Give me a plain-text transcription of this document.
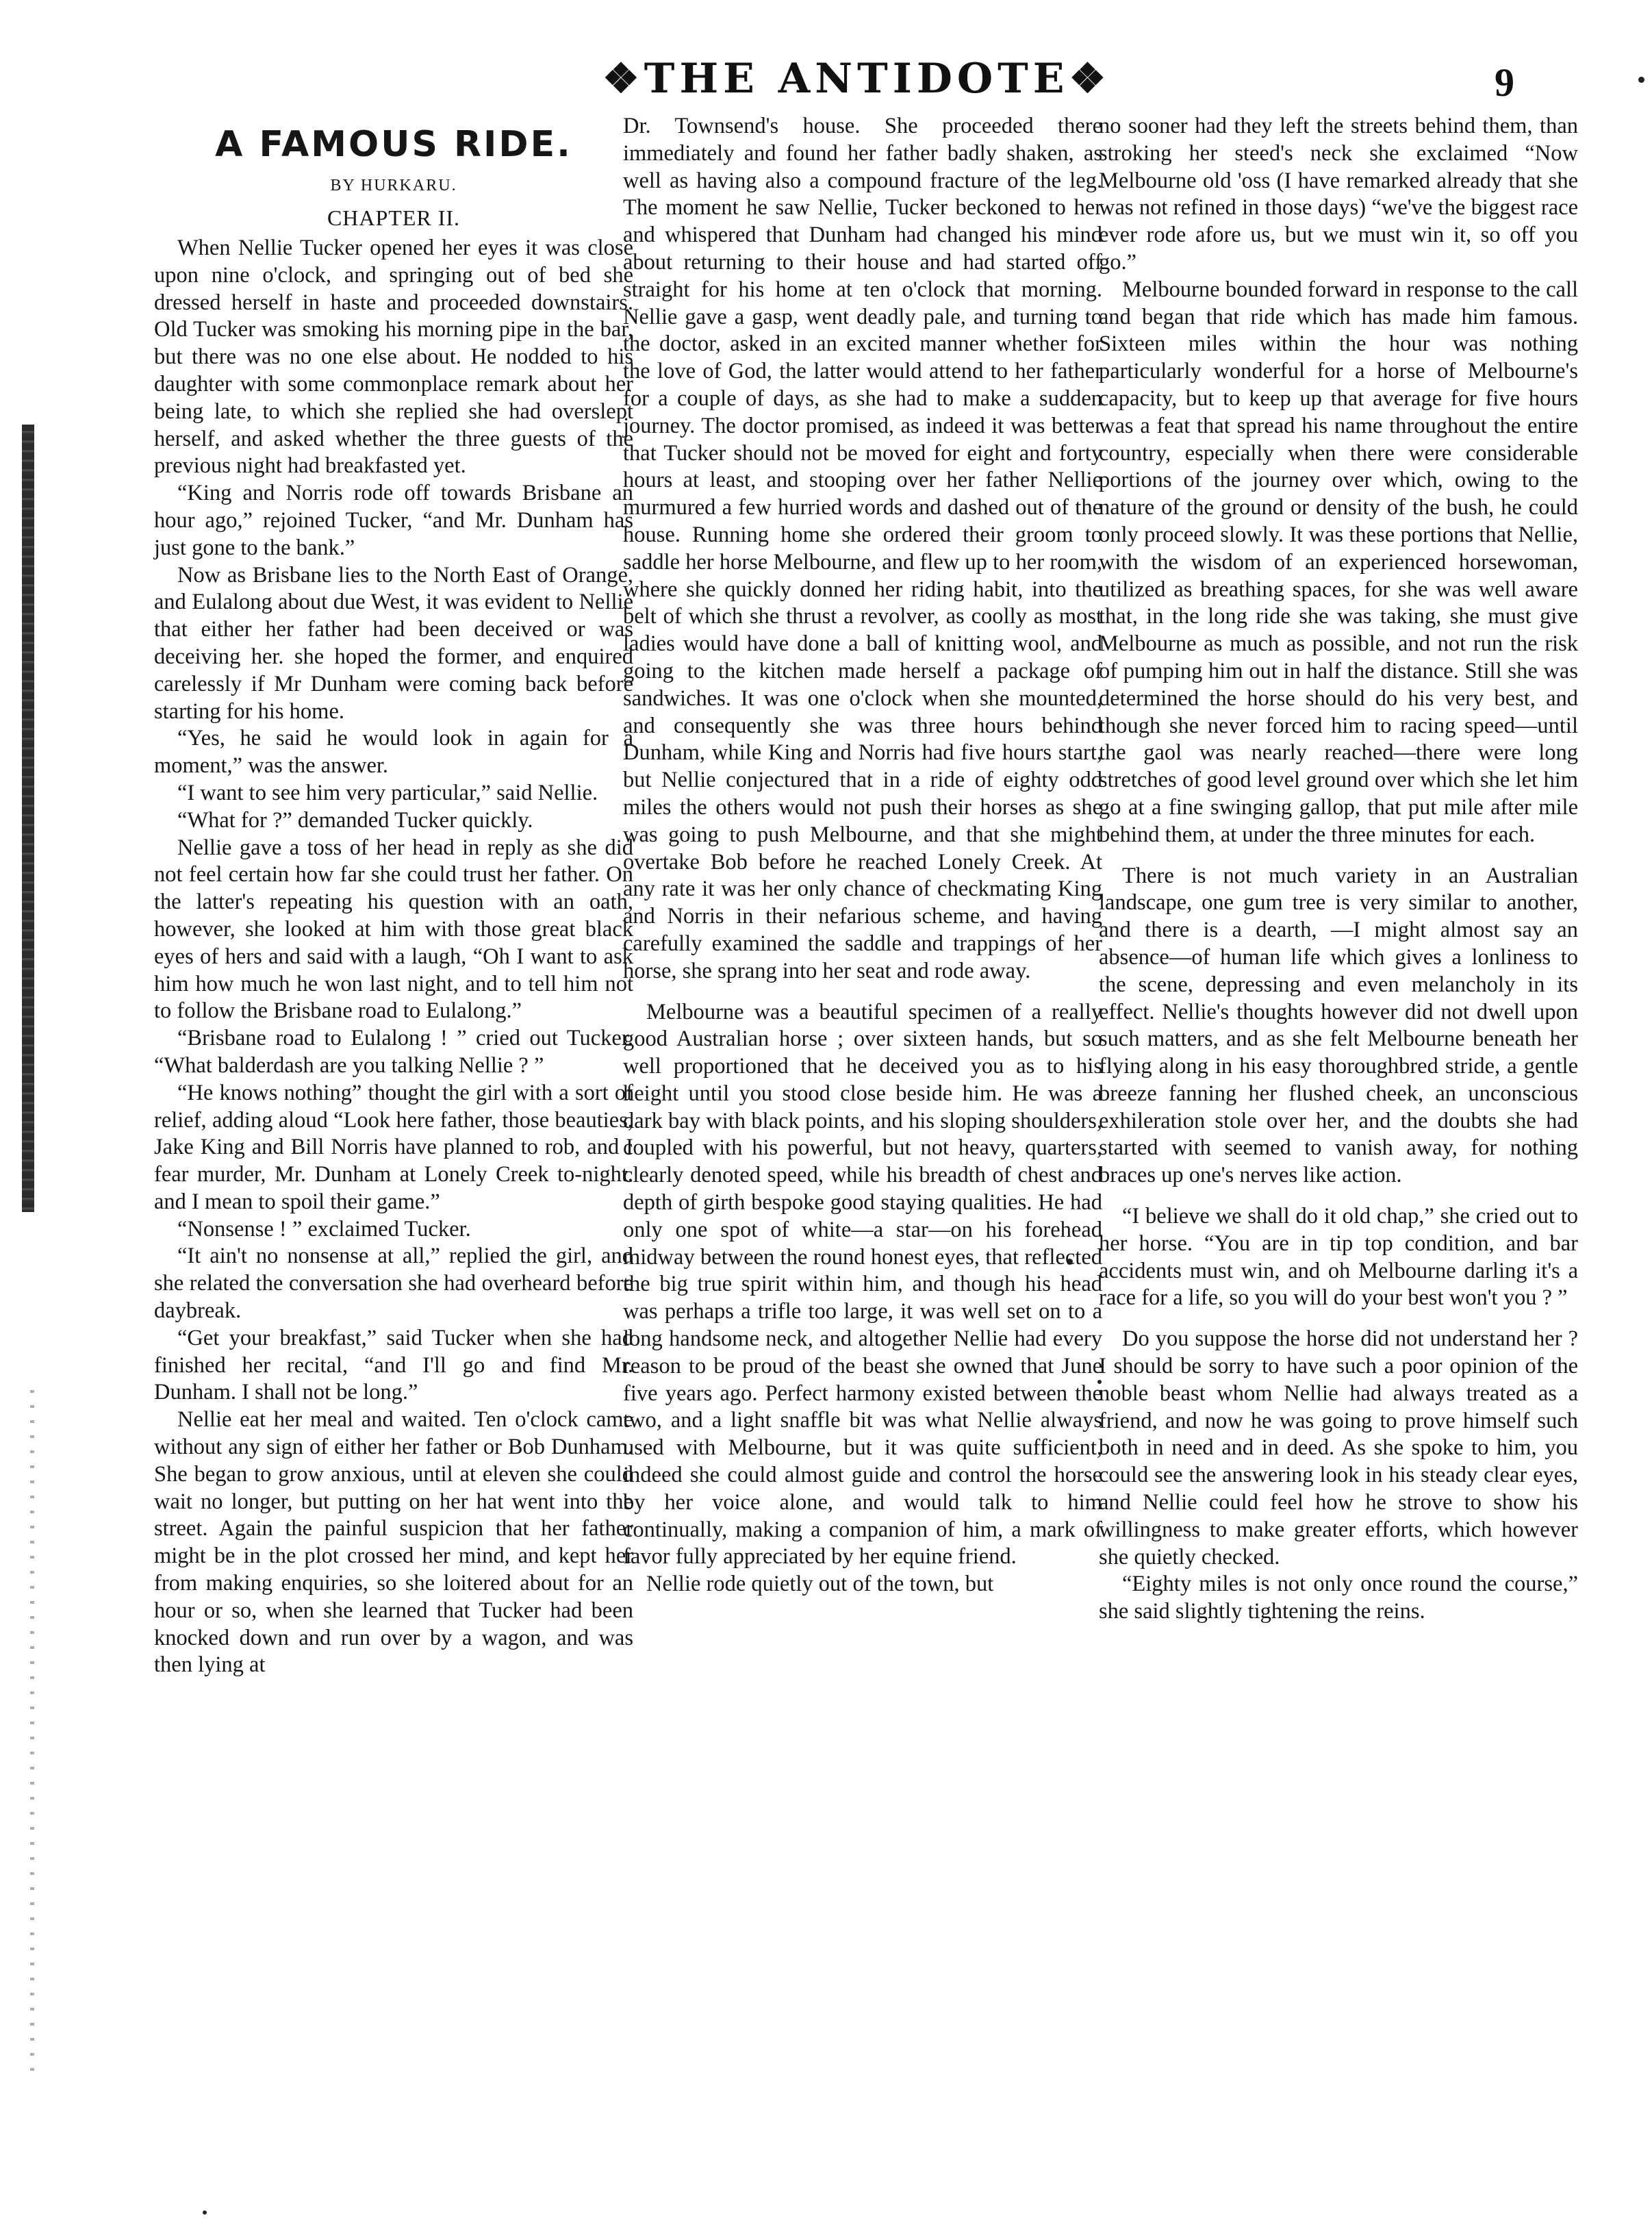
❖THE ANTIDOTE❖	9
A FAMOUS RIDE.
BY HURKARU.
CHAPTER II.

When Nellie Tucker opened her eyes it was close upon nine o'clock, and springing out of bed she dressed herself in haste and proceeded downstairs. Old Tucker was smoking his morning pipe in the bar, but there was no one else about. He nodded to his daughter with some commonplace remark about her being late, to which she replied she had overslept herself, and asked whether the three guests of the previous night had breakfasted yet.

“King and Norris rode off towards Brisbane an hour ago,” rejoined Tucker, “and Mr. Dunham has just gone to the bank.”

Now as Brisbane lies to the North East of Orange, and Eulalong about due West, it was evident to Nellie that either her father had been deceived or was deceiving her. she hoped the former, and enquired carelessly if Mr Dunham were coming back before starting for his home.

“Yes, he said he would look in again for a moment,” was the answer.

“I want to see him very particular,” said Nellie.

“What for ?” demanded Tucker quickly.

Nellie gave a toss of her head in reply as she did not feel certain how far she could trust her father. On the latter's repeating his question with an oath, however, she looked at him with those great black eyes of hers and said with a laugh, “Oh I want to ask him how much he won last night, and to tell him not to follow the Brisbane road to Eulalong.”

“Brisbane road to Eulalong ! ” cried out Tucker. “What balderdash are you talking Nellie ? ”

“He knows nothing” thought the girl with a sort of relief, adding aloud “Look here father, those beauties, Jake King and Bill Norris have planned to rob, and I fear murder, Mr. Dunham at Lonely Creek to-night. and I mean to spoil their game.”

“Nonsense ! ” exclaimed Tucker.

“It ain't no nonsense at all,” replied the girl, and she related the conversation she had overheard before daybreak.

“Get your breakfast,” said Tucker when she had finished her recital, “and I'll go and find Mr. Dunham. I shall not be long.”

Nellie eat her meal and waited. Ten o'clock came without any sign of either her father or Bob Dunham. She began to grow anxious, until at eleven she could wait no longer, but putting on her hat went into the street. Again the painful suspicion that her father might be in the plot crossed her mind, and kept her from making enquiries, so she loitered about for an hour or so, when she learned that Tucker had been knocked down and run over by a wagon, and was then lying at

Dr. Townsend's house. She proceeded there immediately and found her father badly shaken, as well as having also a compound fracture of the leg. The moment he saw Nellie, Tucker beckoned to her and whispered that Dunham had changed his mind about returning to their house and had started off straight for his home at ten o'clock that morning. Nellie gave a gasp, went deadly pale, and turning to the doctor, asked in an excited manner whether for the love of God, the latter would attend to her father for a couple of days, as she had to make a sudden journey. The doctor promised, as indeed it was better that Tucker should not be moved for eight and forty hours at least, and stooping over her father Nellie murmured a few hurried words and dashed out of the house. Running home she ordered their groom to saddle her horse Melbourne, and flew up to her room, where she quickly donned her riding habit, into the belt of which she thrust a revolver, as coolly as most ladies would have done a ball of knitting wool, and going to the kitchen made herself a package of sandwiches. It was one o'clock when she mounted, and consequently she was three hours behind Dunham, while King and Norris had five hours start, but Nellie conjectured that in a ride of eighty odd miles the others would not push their horses as she was going to push Melbourne, and that she might overtake Bob before he reached Lonely Creek. At any rate it was her only chance of checkmating King and Norris in their nefarious scheme, and having carefully examined the saddle and trappings of her horse, she sprang into her seat and rode away.

Melbourne was a beautiful specimen of a really good Australian horse ; over sixteen hands, but so well proportioned that he deceived you as to his height until you stood close beside him. He was a dark bay with black points, and his sloping shoulders, coupled with his powerful, but not heavy, quarters, clearly denoted speed, while his breadth of chest and depth of girth bespoke good staying qualities. He had only one spot of white—a star—on his forehead midway between the round honest eyes, that reflected the big true spirit within him, and though his head was perhaps a trifle too large, it was well set on to a long handsome neck, and altogether Nellie had every reason to be proud of the beast she owned that June five years ago. Perfect harmony existed between the two, and a light snaffle bit was what Nellie always used with Melbourne, but it was quite sufficient, indeed she could almost guide and control the horse by her voice alone, and would talk to him continually, making a companion of him, a mark of favor fully appreciated by her equine friend.

Nellie rode quietly out of the town, but

no sooner had they left the streets behind them, than stroking her steed's neck she exclaimed “Now Melbourne old 'oss (I have remarked already that she was not refined in those days) “we've the biggest race ever rode afore us, but we must win it, so off you go.”

Melbourne bounded forward in response to the call and began that ride which has made him famous. Sixteen miles within the hour was nothing particularly wonderful for a horse of Melbourne's capacity, but to keep up that average for five hours was a feat that spread his name throughout the entire country, especially when there were considerable portions of the journey over which, owing to the nature of the ground or density of the bush, he could only proceed slowly. It was these portions that Nellie, with the wisdom of an experienced horsewoman, utilized as breathing spaces, for she was well aware that, in the long ride she was taking, she must give Melbourne as much as possible, and not run the risk of pumping him out in half the distance. Still she was determined the horse should do his very best, and though she never forced him to racing speed—until the gaol was nearly reached—there were long stretches of good level ground over which she let him go at a fine swinging gallop, that put mile after mile behind them, at under the three minutes for each.

There is not much variety in an Australian landscape, one gum tree is very similar to another, and there is a dearth, —I might almost say an absence—of human life which gives a lonliness to the scene, depressing and even melancholy in its effect. Nellie's thoughts however did not dwell upon such matters, and as she felt Melbourne beneath her flying along in his easy thoroughbred stride, a gentle breeze fanning her flushed cheek, an unconscious exhileration stole over her, and the doubts she had started with seemed to vanish away, for nothing braces up one's nerves like action.

“I believe we shall do it old chap,” she cried out to her horse. “You are in tip top condition, and bar accidents must win, and oh Melbourne darling it's a race for a life, so you will do your best won't you ? ”

Do you suppose the horse did not understand her ? I should be sorry to have such a poor opinion of the noble beast whom Nellie had always treated as a friend, and now he was going to prove himself such both in need and in deed. As she spoke to him, you could see the answering look in his steady clear eyes, and Nellie could feel how he strove to show his willingness to make greater efforts, which however she quietly checked.

“Eighty miles is not only once round the course,” she said slightly tightening the reins.
